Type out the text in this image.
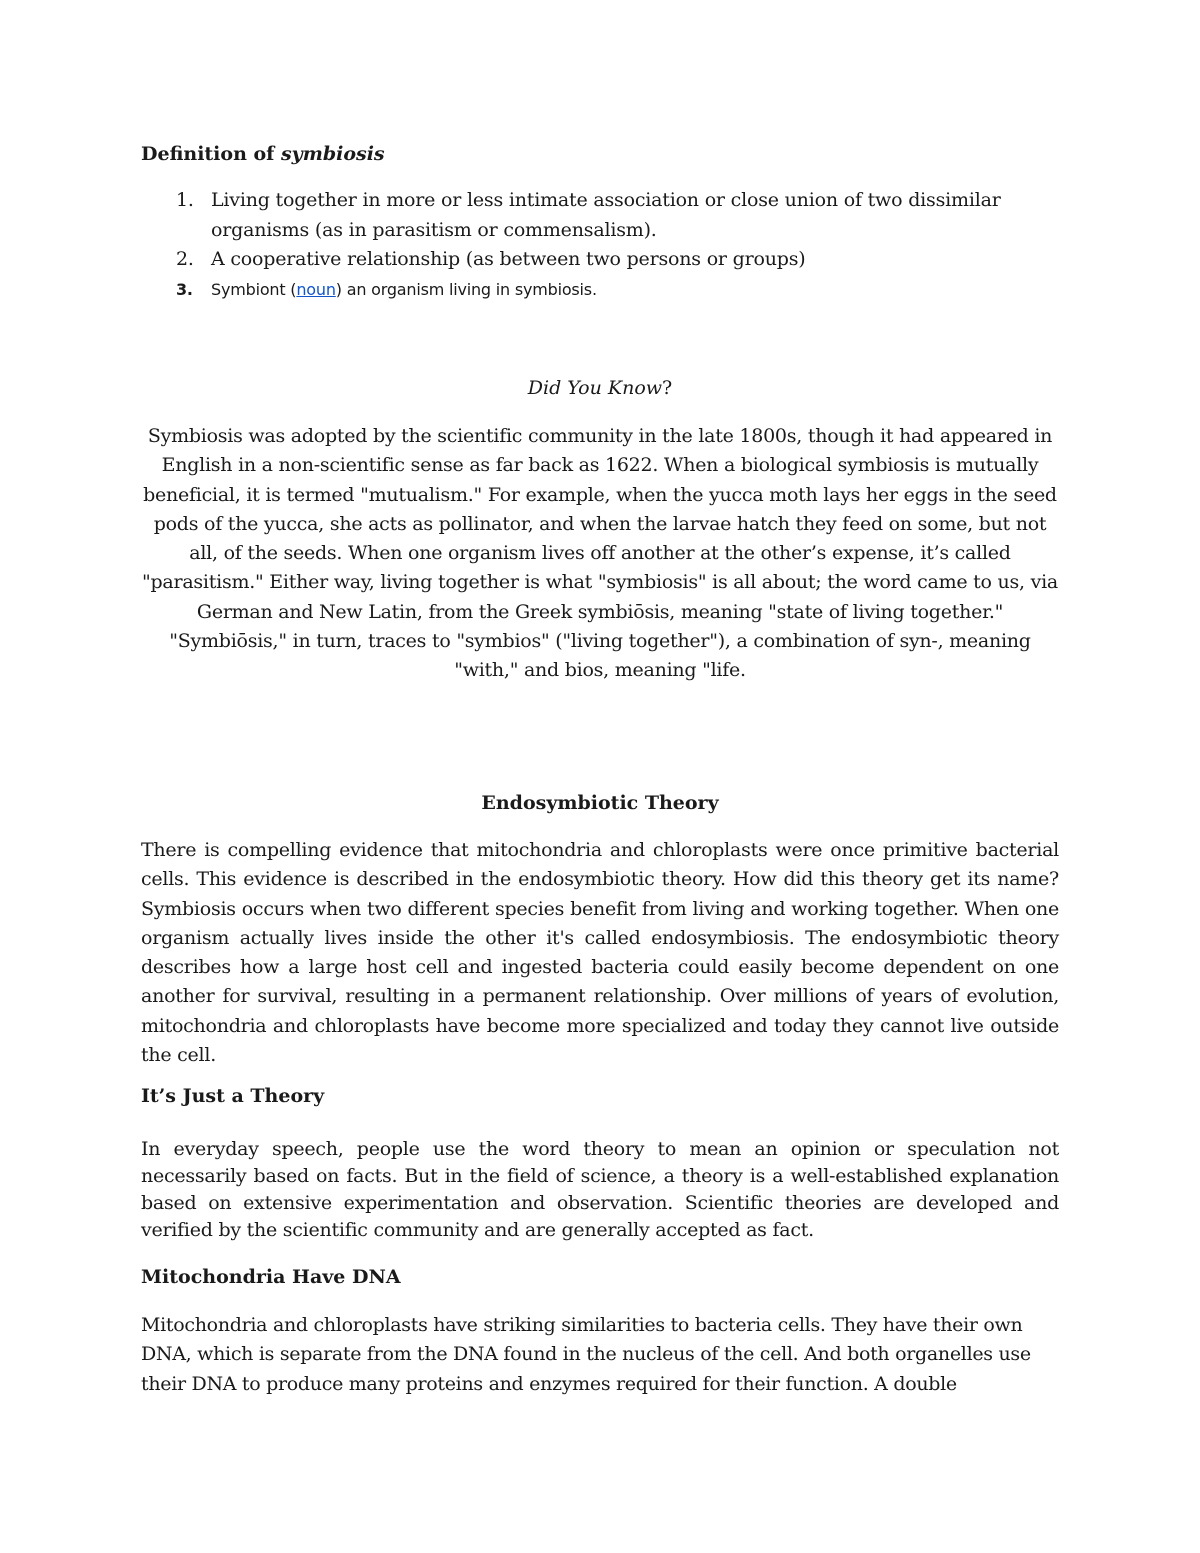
Definition of symbiosis
1. Living together in more or less intimate association or close union of two dissimilar organisms (as in parasitism or commensalism).
2. A cooperative relationship (as between two persons or groups)
3. Symbiont (noun) an organism living in symbiosis.
Did You Know?

Symbiosis was adopted by the scientific community in the late 1800s, though it had appeared in English in a non-scientific sense as far back as 1622. When a biological symbiosis is mutually beneficial, it is termed "mutualism." For example, when the yucca moth lays her eggs in the seed pods of the yucca, she acts as pollinator, and when the larvae hatch they feed on some, but not all, of the seeds. When one organism lives off another at the other’s expense, it’s called "parasitism." Either way, living together is what "symbiosis" is all about; the word came to us, via German and New Latin, from the Greek symbiōsis, meaning "state of living together." "Symbiōsis," in turn, traces to "symbios" ("living together"), a combination of syn-, meaning "with," and bios, meaning "life.

Endosymbiotic Theory

There is compelling evidence that mitochondria and chloroplasts were once primitive bacterial cells. This evidence is described in the endosymbiotic theory. How did this theory get its name? Symbiosis occurs when two different species benefit from living and working together. When one organism actually lives inside the other it's called endosymbiosis. The endosymbiotic theory describes how a large host cell and ingested bacteria could easily become dependent on one another for survival, resulting in a permanent relationship. Over millions of years of evolution, mitochondria and chloroplasts have become more specialized and today they cannot live outside the cell.

It’s Just a Theory

In everyday speech, people use the word theory to mean an opinion or speculation not necessarily based on facts. But in the field of science, a theory is a well-established explanation based on extensive experimentation and observation. Scientific theories are developed and verified by the scientific community and are generally accepted as fact.

Mitochondria Have DNA

Mitochondria and chloroplasts have striking similarities to bacteria cells. They have their own DNA, which is separate from the DNA found in the nucleus of the cell. And both organelles use their DNA to produce many proteins and enzymes required for their function. A double
